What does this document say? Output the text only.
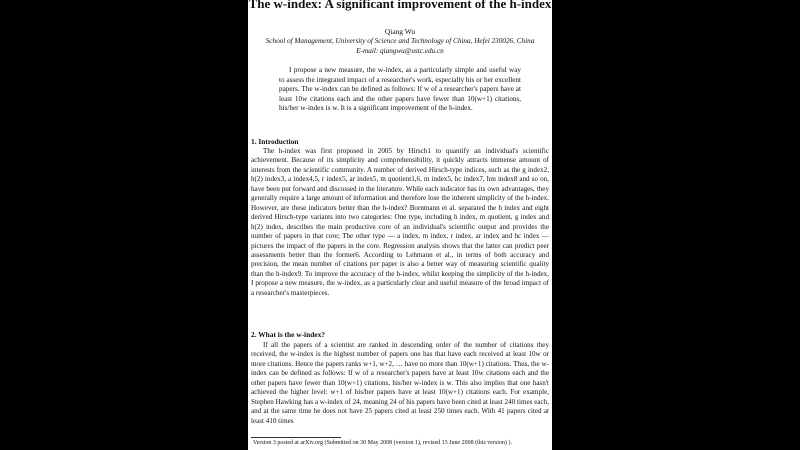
The w-index: A significant improvement of the h-index
Qiang Wu
School of Management, University of Science and Technology of China, Hefei 230026, China
E-mail: qiangwu@ustc.edu.cn
I propose a new measure, the w-index, as a particularly simple and useful way to assess the integrated impact of a researcher's work, especially his or her excellent papers. The w-index can be defined as follows: If w of a researcher's papers have at least 10w citations each and the other papers have fewer than 10(w+1) citations, his/her w-index is w. It is a significant improvement of the h-index.
1. Introduction
The h-index was first proposed in 2005 by Hirsch1 to quantify an individual's scientific achievement. Because of its simplicity and comprehensibility, it quickly attracts immense amount of interests from the scientific community. A number of derived Hirsch-type indices, such as the g index2, h(2) index3, a index4,5, r index5, ar index5, m quotient1,6, m index5, hc index7, hm index8 and so on, have been put forward and discussed in the literature. While each indicator has its own advantages, they generally require a large amount of information and therefore lose the inherent simplicity of the h-index. However, are these indicators better than the h-index? Bornmann et al. separated the h index and eight derived Hirsch-type variants into two categories: One type, including h index, m quotient, g index and h(2) index, describes the main productive core of an individual's scientific output and provides the number of papers in that core; The other type — a index, m index, r index, ar index and hc index — pictures the impact of the papers in the core. Regression analysis shows that the latter can predict peer assessments better than the former6. According to Lehmann et al., in terms of both accuracy and precision, the mean number of citations per paper is also a better way of measuring scientific quality than the h-index9. To improve the accuracy of the h-index, whilst keeping the simplicity of the h-index, I propose a new measure, the w-index, as a particularly clear and useful measure of the broad impact of a researcher's masterpieces.
2. What is the w-index?
If all the papers of a scientist are ranked in descending order of the number of citations they received, the w-index is the highest number of papers one has that have each received at least 10w or more citations. Hence the papers ranks w+1, w+2, … have no more than 10(w+1) citations. Thus, the w-index can be defined as follows: If w of a researcher's papers have at least 10w citations each and the other papers have fewer than 10(w+1) citations, his/her w-index is w. This also implies that one hasn't achieved the higher level: w+1 of his/her papers have at least 10(w+1) citations each. For example, Stephen Hawking has a w-index of 24, meaning 24 of his papers have been cited at least 240 times each, and at the same time he does not have 25 papers cited at least 250 times each. With 41 papers cited at least 410 times
Version 3 posted at arXiv.org (Submitted on 30 May 2008 (version 1), revised 13 June 2008 (this version) ).
